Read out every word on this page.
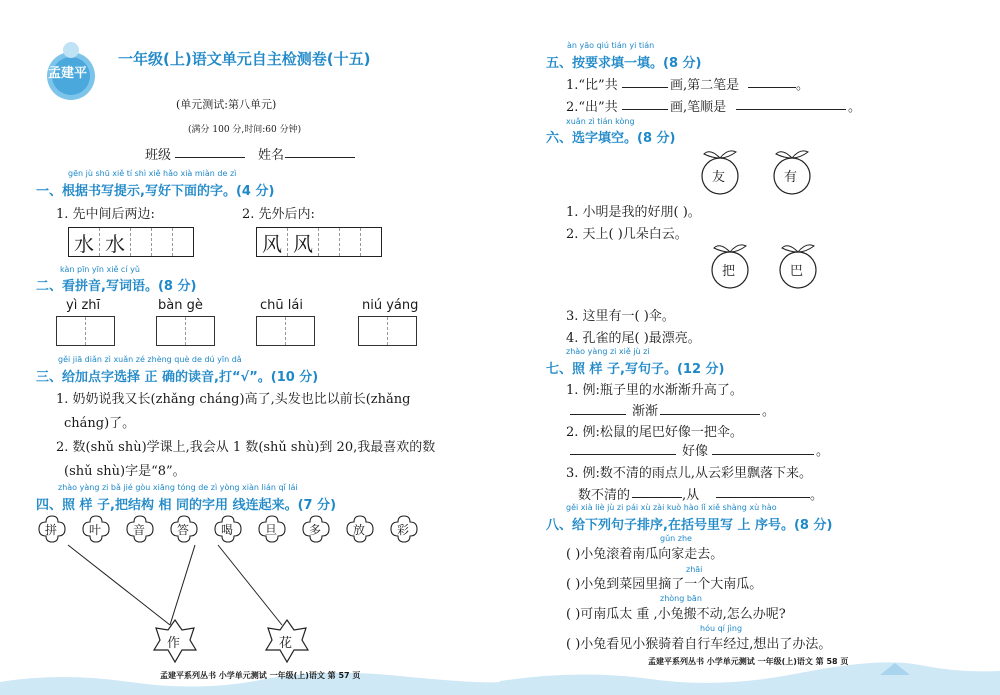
孟建平
一年级(上)语文单元自主检测卷(十五)
(单元测试:第八单元)
(满分 100 分,时间:60 分钟)
班级	姓名
gēn jù shū xiě tí shì xiě hǎo xià miàn de zì
一、根据书写提示,写好下面的字。(4 分)
1. 先中间后两边:	2. 先外后内:
水 水	风 风
kàn pīn yīn xiě cí yǔ
二、看拼音,写词语。(8 分)
yì zhī	bàn gè	chū lái	niú yáng
gěi jiā diǎn zì xuǎn zé zhèng què de dú yīn dǎ
三、给加点字选择 正 确的读音,打“√”。(10 分)
1. 奶奶说我又长(zhǎng cháng)高了,头发也比以前长(zhǎng
cháng)了。
2. 数(shǔ shù)学课上,我会从 1 数(shǔ shù)到 20,我最喜欢的数
(shǔ shù)字是“8”。
zhào yàng zi bǎ jié gòu xiāng tóng de zì yòng xiàn lián qǐ lái
四、照 样 子,把结构 相 同的字用 线连起来。(7 分)
拼	叶	音	答	喝	旦	多	放	彩
作	花
孟建平系列丛书 小学单元测试 一年级(上)语文 第 57 页
àn yāo qiú tián yi tián
五、按要求填一填。(8 分)
1.“比”共	画,第二笔是	。
2.“出”共	画,笔顺是	。
xuǎn zì tián kòng
六、选字填空。(8 分)
友	有
1. 小明是我的好朋( )。
2. 天上( )几朵白云。
把	巴
3. 这里有一( )伞。
4. 孔雀的尾( )最漂亮。
zhào yàng zi xiě jù zi
七、照 样 子,写句子。(12 分)
1. 例:瓶子里的水渐渐升高了。
渐渐	。
2. 例:松鼠的尾巴好像一把伞。
好像	。
3. 例:数不清的雨点儿,从云彩里飘落下来。
数不清的	,从	。
gěi xià liè jù zi pái xù zài kuò hào lǐ xiě shàng xù hào
八、给下列句子排序,在括号里写 上 序号。(8 分)
gǔn zhe
( )小兔滚着南瓜向家走去。
zhāi
( )小兔到菜园里摘了一个大南瓜。
zhòng bān
( )可南瓜太 重 ,小兔搬不动,怎么办呢?
hóu qí jìng
( )小兔看见小猴骑着自行车经过,想出了办法。
孟建平系列丛书 小学单元测试 一年级(上)语文 第 58 页
